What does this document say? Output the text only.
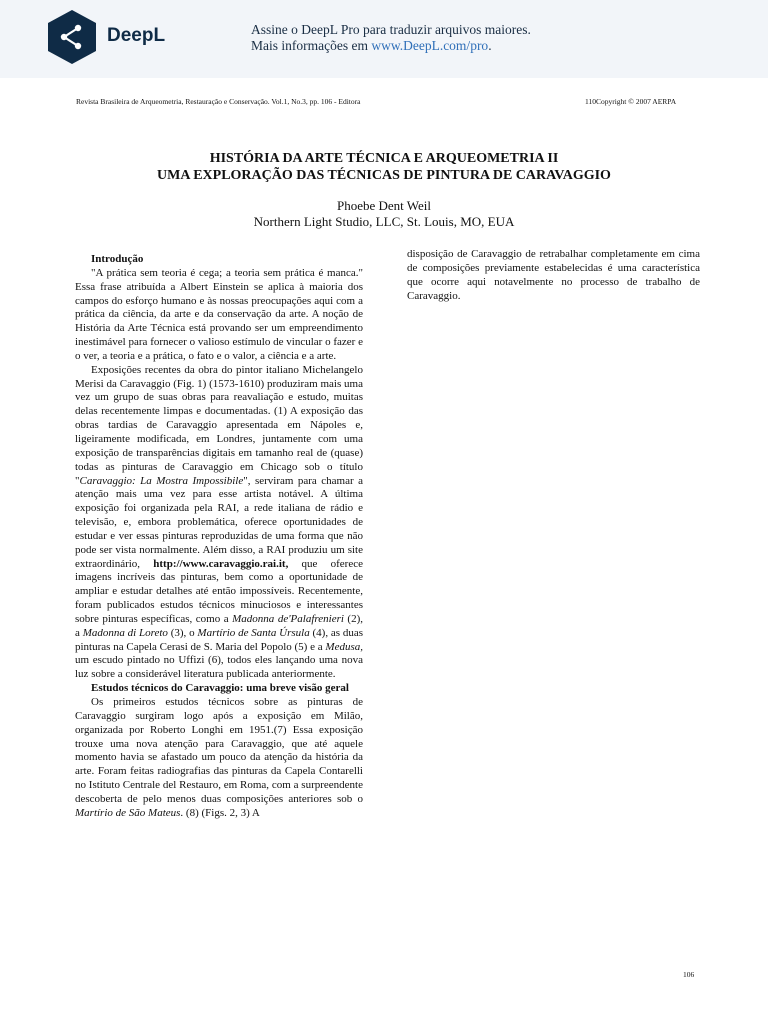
DeepL	Assine o DeepL Pro para traduzir arquivos maiores.
Mais informações em www.DeepL.com/pro.
Revista Brasileira de Arqueometria, Restauração e Conservação. Vol.1, No.3, pp. 106 - Editora	110Copyright © 2007 AERPA
HISTÓRIA DA ARTE TÉCNICA E ARQUEOMETRIA II
UMA EXPLORAÇÃO DAS TÉCNICAS DE PINTURA DE CARAVAGGIO
Phoebe Dent Weil
Northern Light Studio, LLC, St. Louis, MO, EUA

Introdução

"A prática sem teoria é cega; a teoria sem prática é manca." Essa frase atribuída a Albert Einstein se aplica à maioria dos campos do esforço humano e às nossas preocupações aqui com a prática da ciência, da arte e da conservação da arte. A noção de História da Arte Técnica está provando ser um empreendimento inestimável para fornecer o valioso estímulo de vincular o fazer e o ver, a teoria e a prática, o fato e o valor, a ciência e a arte.

Exposições recentes da obra do pintor italiano Michelangelo Merisi da Caravaggio (Fig. 1) (1573-1610) produziram mais uma vez um grupo de suas obras para reavaliação e estudo, muitas delas recentemente limpas e documentadas. (1) A exposição das obras tardias de Caravaggio apresentada em Nápoles e, ligeiramente modificada, em Londres, juntamente com uma exposição de transparências digitais em tamanho real de (quase) todas as pinturas de Caravaggio em Chicago sob o título "Caravaggio: La Mostra Impossibile", serviram para chamar a atenção mais uma vez para esse artista notável. A última exposição foi organizada pela RAI, a rede italiana de rádio e televisão, e, embora problemática, oferece oportunidades de estudar e ver essas pinturas reproduzidas de uma forma que não pode ser vista normalmente. Além disso, a RAI produziu um site extraordinário, http://www.caravaggio.rai.it, que oferece imagens incríveis das pinturas, bem como a oportunidade de ampliar e estudar detalhes até então impossíveis. Recentemente, foram publicados estudos técnicos minuciosos e interessantes sobre pinturas específicas, como a Madonna de'Palafrenieri (2), a Madonna di Loreto (3), o Martírio de Santa Úrsula (4), as duas pinturas na Capela Cerasi de S. Maria del Popolo (5) e a Medusa, um escudo pintado no Uffizi (6), todos eles lançando uma nova luz sobre a considerável literatura publicada anteriormente.

Estudos técnicos do Caravaggio: uma breve visão geral

Os primeiros estudos técnicos sobre as pinturas de Caravaggio surgiram logo após a exposição em Milão, organizada por Roberto Longhi em 1951.(7) Essa exposição trouxe uma nova atenção para Caravaggio, que até aquele momento havia se afastado um pouco da atenção da história da arte. Foram feitas radiografias das pinturas da Capela Contarelli no Istituto Centrale del Restauro, em Roma, com a surpreendente descoberta de pelo menos duas composições anteriores sob o Martírio de São Mateus. (8) (Figs. 2, 3) A

disposição de Caravaggio de retrabalhar completamente em cima de composições previamente estabelecidas é uma característica que ocorre aqui notavelmente no processo de trabalho de Caravaggio.

106
